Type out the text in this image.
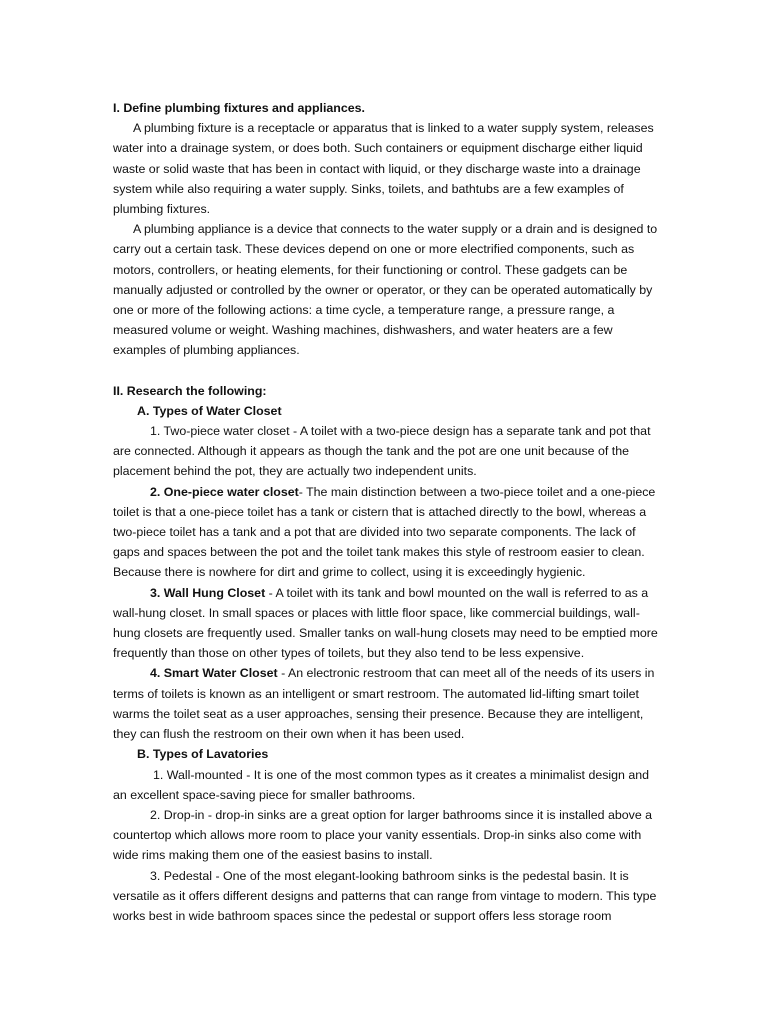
I. Define plumbing fixtures and appliances.
A plumbing fixture is a receptacle or apparatus that is linked to a water supply system, releases
water into a drainage system, or does both. Such containers or equipment discharge either liquid
waste or solid waste that has been in contact with liquid, or they discharge waste into a drainage
system while also requiring a water supply. Sinks, toilets, and bathtubs are a few examples of
plumbing fixtures.
A plumbing appliance is a device that connects to the water supply or a drain and is designed to
carry out a certain task. These devices depend on one or more electrified components, such as
motors, controllers, or heating elements, for their functioning or control. These gadgets can be
manually adjusted or controlled by the owner or operator, or they can be operated automatically by
one or more of the following actions: a time cycle, a temperature range, a pressure range, a
measured volume or weight. Washing machines, dishwashers, and water heaters are a few
examples of plumbing appliances.
II. Research the following:
A. Types of Water Closet
1. Two-piece water closet - A toilet with a two-piece design has a separate tank and pot that
are connected. Although it appears as though the tank and the pot are one unit because of the
placement behind the pot, they are actually two independent units.
2. One-piece water closet- The main distinction between a two-piece toilet and a one-piece
toilet is that a one-piece toilet has a tank or cistern that is attached directly to the bowl, whereas a
two-piece toilet has a tank and a pot that are divided into two separate components. The lack of
gaps and spaces between the pot and the toilet tank makes this style of restroom easier to clean.
Because there is nowhere for dirt and grime to collect, using it is exceedingly hygienic.
3. Wall Hung Closet - A toilet with its tank and bowl mounted on the wall is referred to as a
wall-hung closet. In small spaces or places with little floor space, like commercial buildings, wall-
hung closets are frequently used. Smaller tanks on wall-hung closets may need to be emptied more
frequently than those on other types of toilets, but they also tend to be less expensive.
4. Smart Water Closet - An electronic restroom that can meet all of the needs of its users in
terms of toilets is known as an intelligent or smart restroom. The automated lid-lifting smart toilet
warms the toilet seat as a user approaches, sensing their presence. Because they are intelligent,
they can flush the restroom on their own when it has been used.
B. Types of Lavatories
1. Wall-mounted - It is one of the most common types as it creates a minimalist design and
an excellent space-saving piece for smaller bathrooms.
2. Drop-in - drop-in sinks are a great option for larger bathrooms since it is installed above a
countertop which allows more room to place your vanity essentials. Drop-in sinks also come with
wide rims making them one of the easiest basins to install.
3. Pedestal - One of the most elegant-looking bathroom sinks is the pedestal basin. It is
versatile as it offers different designs and patterns that can range from vintage to modern. This type
works best in wide bathroom spaces since the pedestal or support offers less storage room
